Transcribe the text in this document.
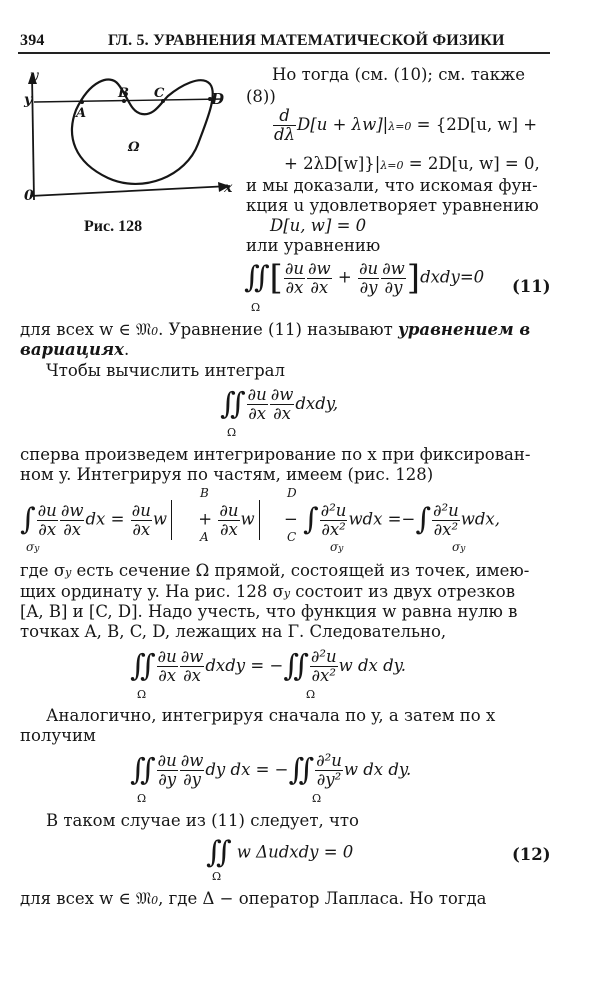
394	ГЛ. 5. УРАВНЕНИЯ МАТЕМАТИЧЕСКОЙ ФИЗИКИ
y
y
x
0
A
B C	D
Ω
Рис. 128
Но тогда (см. (10); см. также
(8))
$\frac{d}{d\lambda} D[u + \lambda w]|\lambda=0 = \{2D[u$, w] +
+ 2λD[w]}|λ=0 = 2D[u, w] = 0,
и мы доказали, что искомая фун-
кция u удовлетворяет уравнению
D[u, w] = 0
или уравнению
∬[ $\frac{\partial u}{\partial x} \frac{\partial w}{\partial x} + \frac{\partial u}{\partial y} \frac{\partial w}{\partial y}$ ]dxdy=0
Ω
(11)
для всех w ∈ 𝔐0. Уравнение (11) называют уравнением в
вариациях.
Чтобы вычислить интеграл
∬ $\frac{\partial u}{\partial x} \frac{\partial w}{\partial x}$ dxdy,
Ω
сперва произведем интегрирование по x при фиксирован-
ном y. Интегрируя по частям, имеем (рис. 128)
∫ $\frac{\partial u}{\partial x} \frac{\partial w}{\partial x}$ dx = $\frac{\partial u}{\partial x}$ $w + \frac{\partial u}{\partial x}$ w − ∫ $\frac{\text{∂²u}}{\text{∂x²}}$ wdx =−∫ $\frac{\text{∂²u}}{\text{∂x²}}$ wdx,
B
A
D
C
σy	σy	σy
где σy есть сечение Ω прямой, состоящей из точек, имею-
щих ординату y. На рис. 128 σy состоит из двух отрезков
[A, B] и [C, D]. Надо учесть, что функция w равна нулю в
точках A, B, C, D, лежащих на Γ. Следовательно,
∬ $\frac{\partial u}{\partial x} \frac{\partial w}{\partial x}$ dxdy = −∬ $\frac{\text{∂²u}}{\text{∂x²}}$ w dx dy.
Ω	Ω
Аналогично, интегрируя сначала по y, а затем по x
получим
∬ $\frac{\partial u}{\partial y} \frac{\partial w}{\partial y}$ dy dx = −∬ $\frac{\text{∂²u}}{\text{∂y²}}$ w dx dy.
Ω	Ω
В таком случае из (11) следует, что
∬ w Δudxdy = 0
Ω
(12)
для всех w ∈ 𝔐0, где Δ − оператор Лапласа. Но тогда
